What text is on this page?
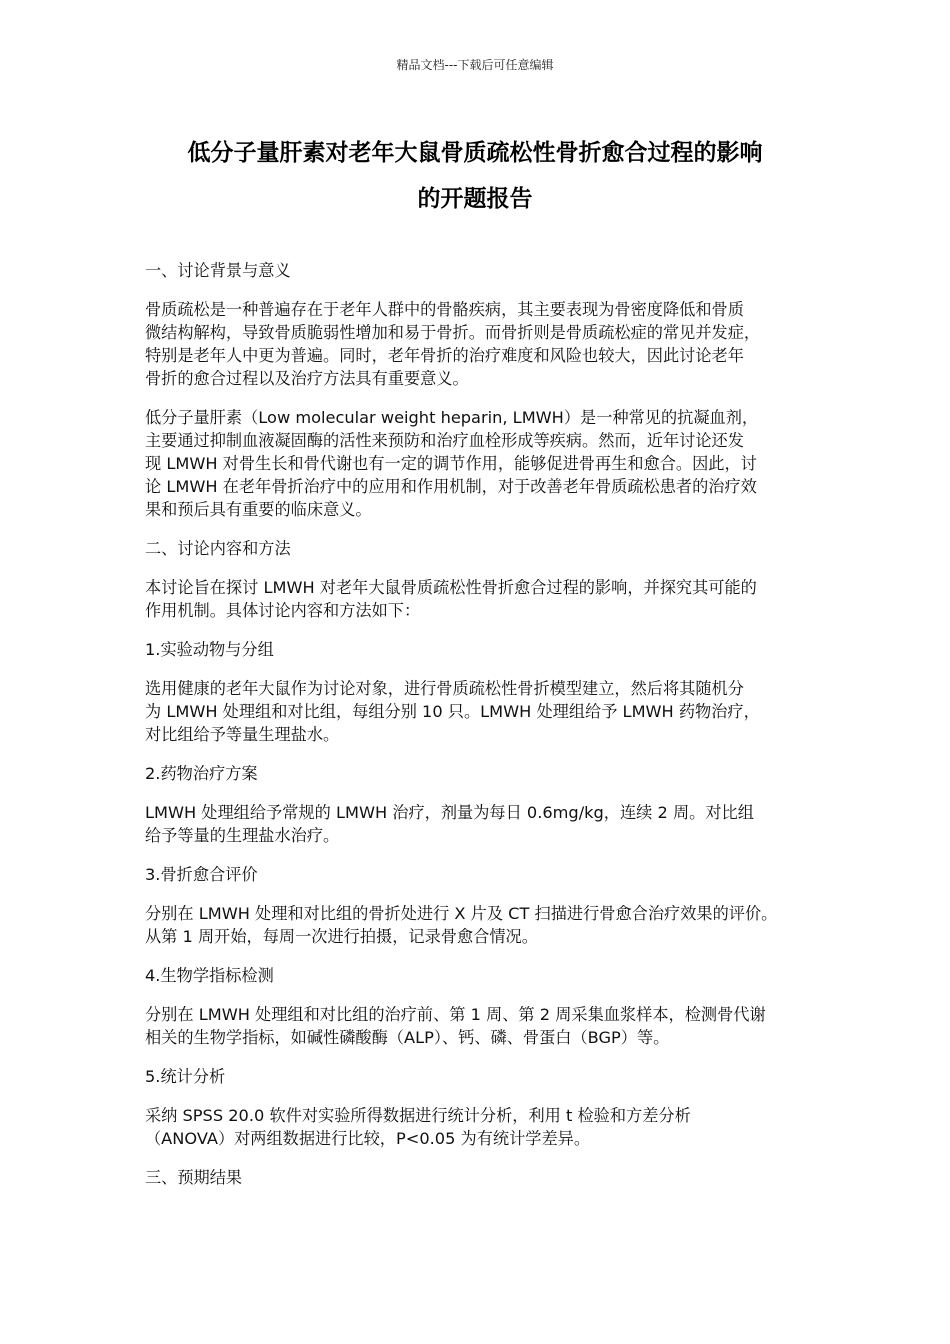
精品文档---下载后可任意编辑
低分子量肝素对老年大鼠骨质疏松性骨折愈合过程的影响
的开题报告

一、讨论背景与意义

骨质疏松是一种普遍存在于老年人群中的骨骼疾病，其主要表现为骨密度降低和骨质
微结构解构，导致骨质脆弱性增加和易于骨折。而骨折则是骨质疏松症的常见并发症，
特别是老年人中更为普遍。同时，老年骨折的治疗难度和风险也较大，因此讨论老年
骨折的愈合过程以及治疗方法具有重要意义。

低分子量肝素（Low molecular weight heparin, LMWH）是一种常见的抗凝血剂，
主要通过抑制血液凝固酶的活性来预防和治疗血栓形成等疾病。然而，近年讨论还发
现 LMWH 对骨生长和骨代谢也有一定的调节作用，能够促进骨再生和愈合。因此，讨
论 LMWH 在老年骨折治疗中的应用和作用机制，对于改善老年骨质疏松患者的治疗效
果和预后具有重要的临床意义。

二、讨论内容和方法

本讨论旨在探讨 LMWH 对老年大鼠骨质疏松性骨折愈合过程的影响，并探究其可能的
作用机制。具体讨论内容和方法如下：

1.实验动物与分组

选用健康的老年大鼠作为讨论对象，进行骨质疏松性骨折模型建立，然后将其随机分
为 LMWH 处理组和对比组，每组分别 10 只。LMWH 处理组给予 LMWH 药物治疗，
对比组给予等量生理盐水。

2.药物治疗方案

LMWH 处理组给予常规的 LMWH 治疗，剂量为每日 0.6mg/kg，连续 2 周。对比组
给予等量的生理盐水治疗。

3.骨折愈合评价

分别在 LMWH 处理和对比组的骨折处进行 X 片及 CT 扫描进行骨愈合治疗效果的评价。
从第 1 周开始，每周一次进行拍摄，记录骨愈合情况。

4.生物学指标检测

分别在 LMWH 处理组和对比组的治疗前、第 1 周、第 2 周采集血浆样本，检测骨代谢
相关的生物学指标，如碱性磷酸酶（ALP）、钙、磷、骨蛋白（BGP）等。

5.统计分析

采纳 SPSS 20.0 软件对实验所得数据进行统计分析，利用 t 检验和方差分析
（ANOVA）对两组数据进行比较，P<0.05 为有统计学差异。

三、预期结果
